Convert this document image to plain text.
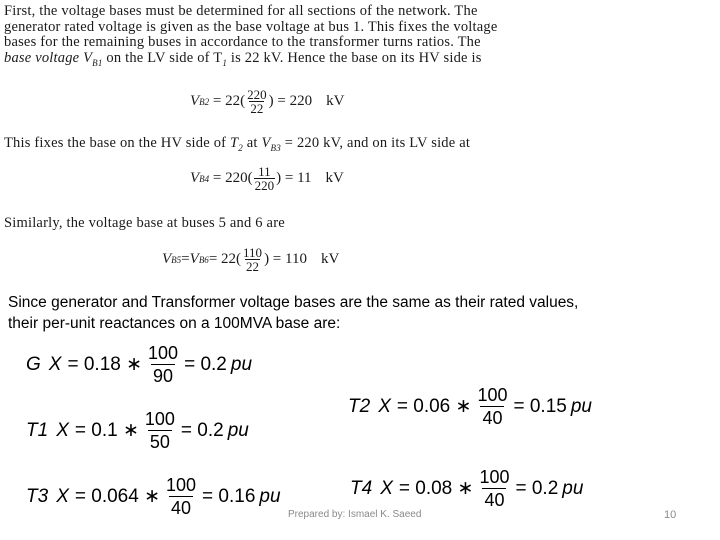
First, the voltage bases must be determined for all sections of the network. The
generator rated voltage is given as the base voltage at bus 1. This fixes the voltage
bases for the remaining buses in accordance to the transformer turns ratios. The
base voltage $V_{B1}$ on the LV side of $T_1$ is 22 kV. Hence the base on its HV side is
V B2
= $22( \frac{220}{22}$ ) = 220 kV
This fixes the base on the HV side of $T_2$ at $V_{B3} = 220$ kV, and on its LV side at
V B4
= $220( \frac{11}{220}$ ) = 11 kV
Similarly, the voltage base at buses 5 and 6 are
V B5 = V $B6 = 22( \frac{110}{22}$ ) = 110 kV
Since generator and Transformer voltage bases are the same as their rated values,
their per-unit reactances on a 100MVA base are:
G X = 0.18 ∗ $\frac{100}{90} = 0.2$ pu
T1 X = 0.1 ∗ $\frac{100}{50} = 0.2$ pu
T2 X = 0.06 ∗ $\frac{100}{40} = 0.15$ pu
T3 X = 0.064 ∗ $\frac{100}{40} = 0.16$ pu	T4 X = 0.08 ∗ $\frac{100}{40} = 0.2$ pu
Prepared by: Ismael K. Saeed	10
